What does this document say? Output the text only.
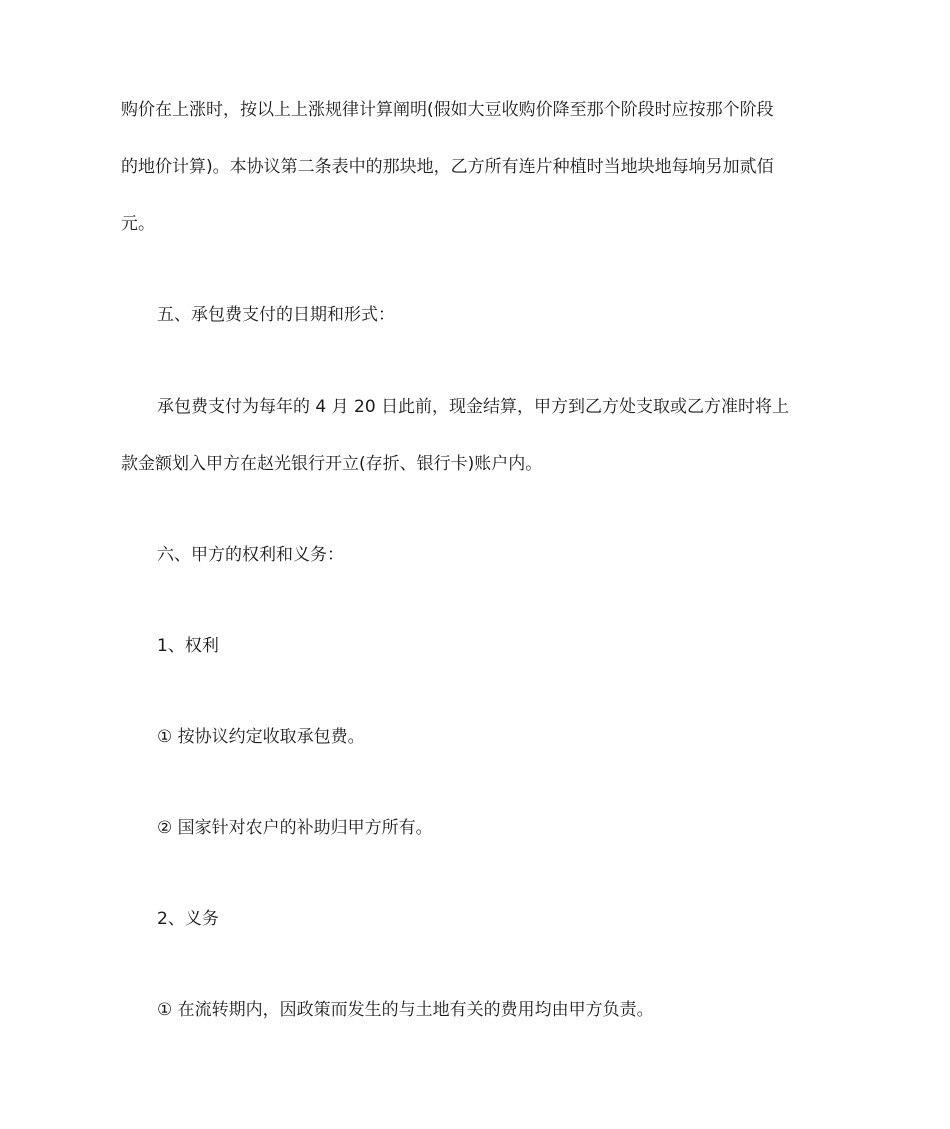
购价在上涨时，按以上上涨规律计算阐明(假如大豆收购价降至那个阶段时应按那个阶段
的地价计算)。本协议第二条表中的那块地，乙方所有连片种植时当地块地每垧另加贰佰
元。
五、承包费支付的日期和形式：
承包费支付为每年的 4 月 20 日此前，现金结算，甲方到乙方处支取或乙方准时将上
款金额划入甲方在赵光银行开立(存折、银行卡)账户内。
六、甲方的权利和义务：
1、权利
① 按协议约定收取承包费。
② 国家针对农户的补助归甲方所有。
2、义务
① 在流转期内，因政策而发生的与土地有关的费用均由甲方负责。
